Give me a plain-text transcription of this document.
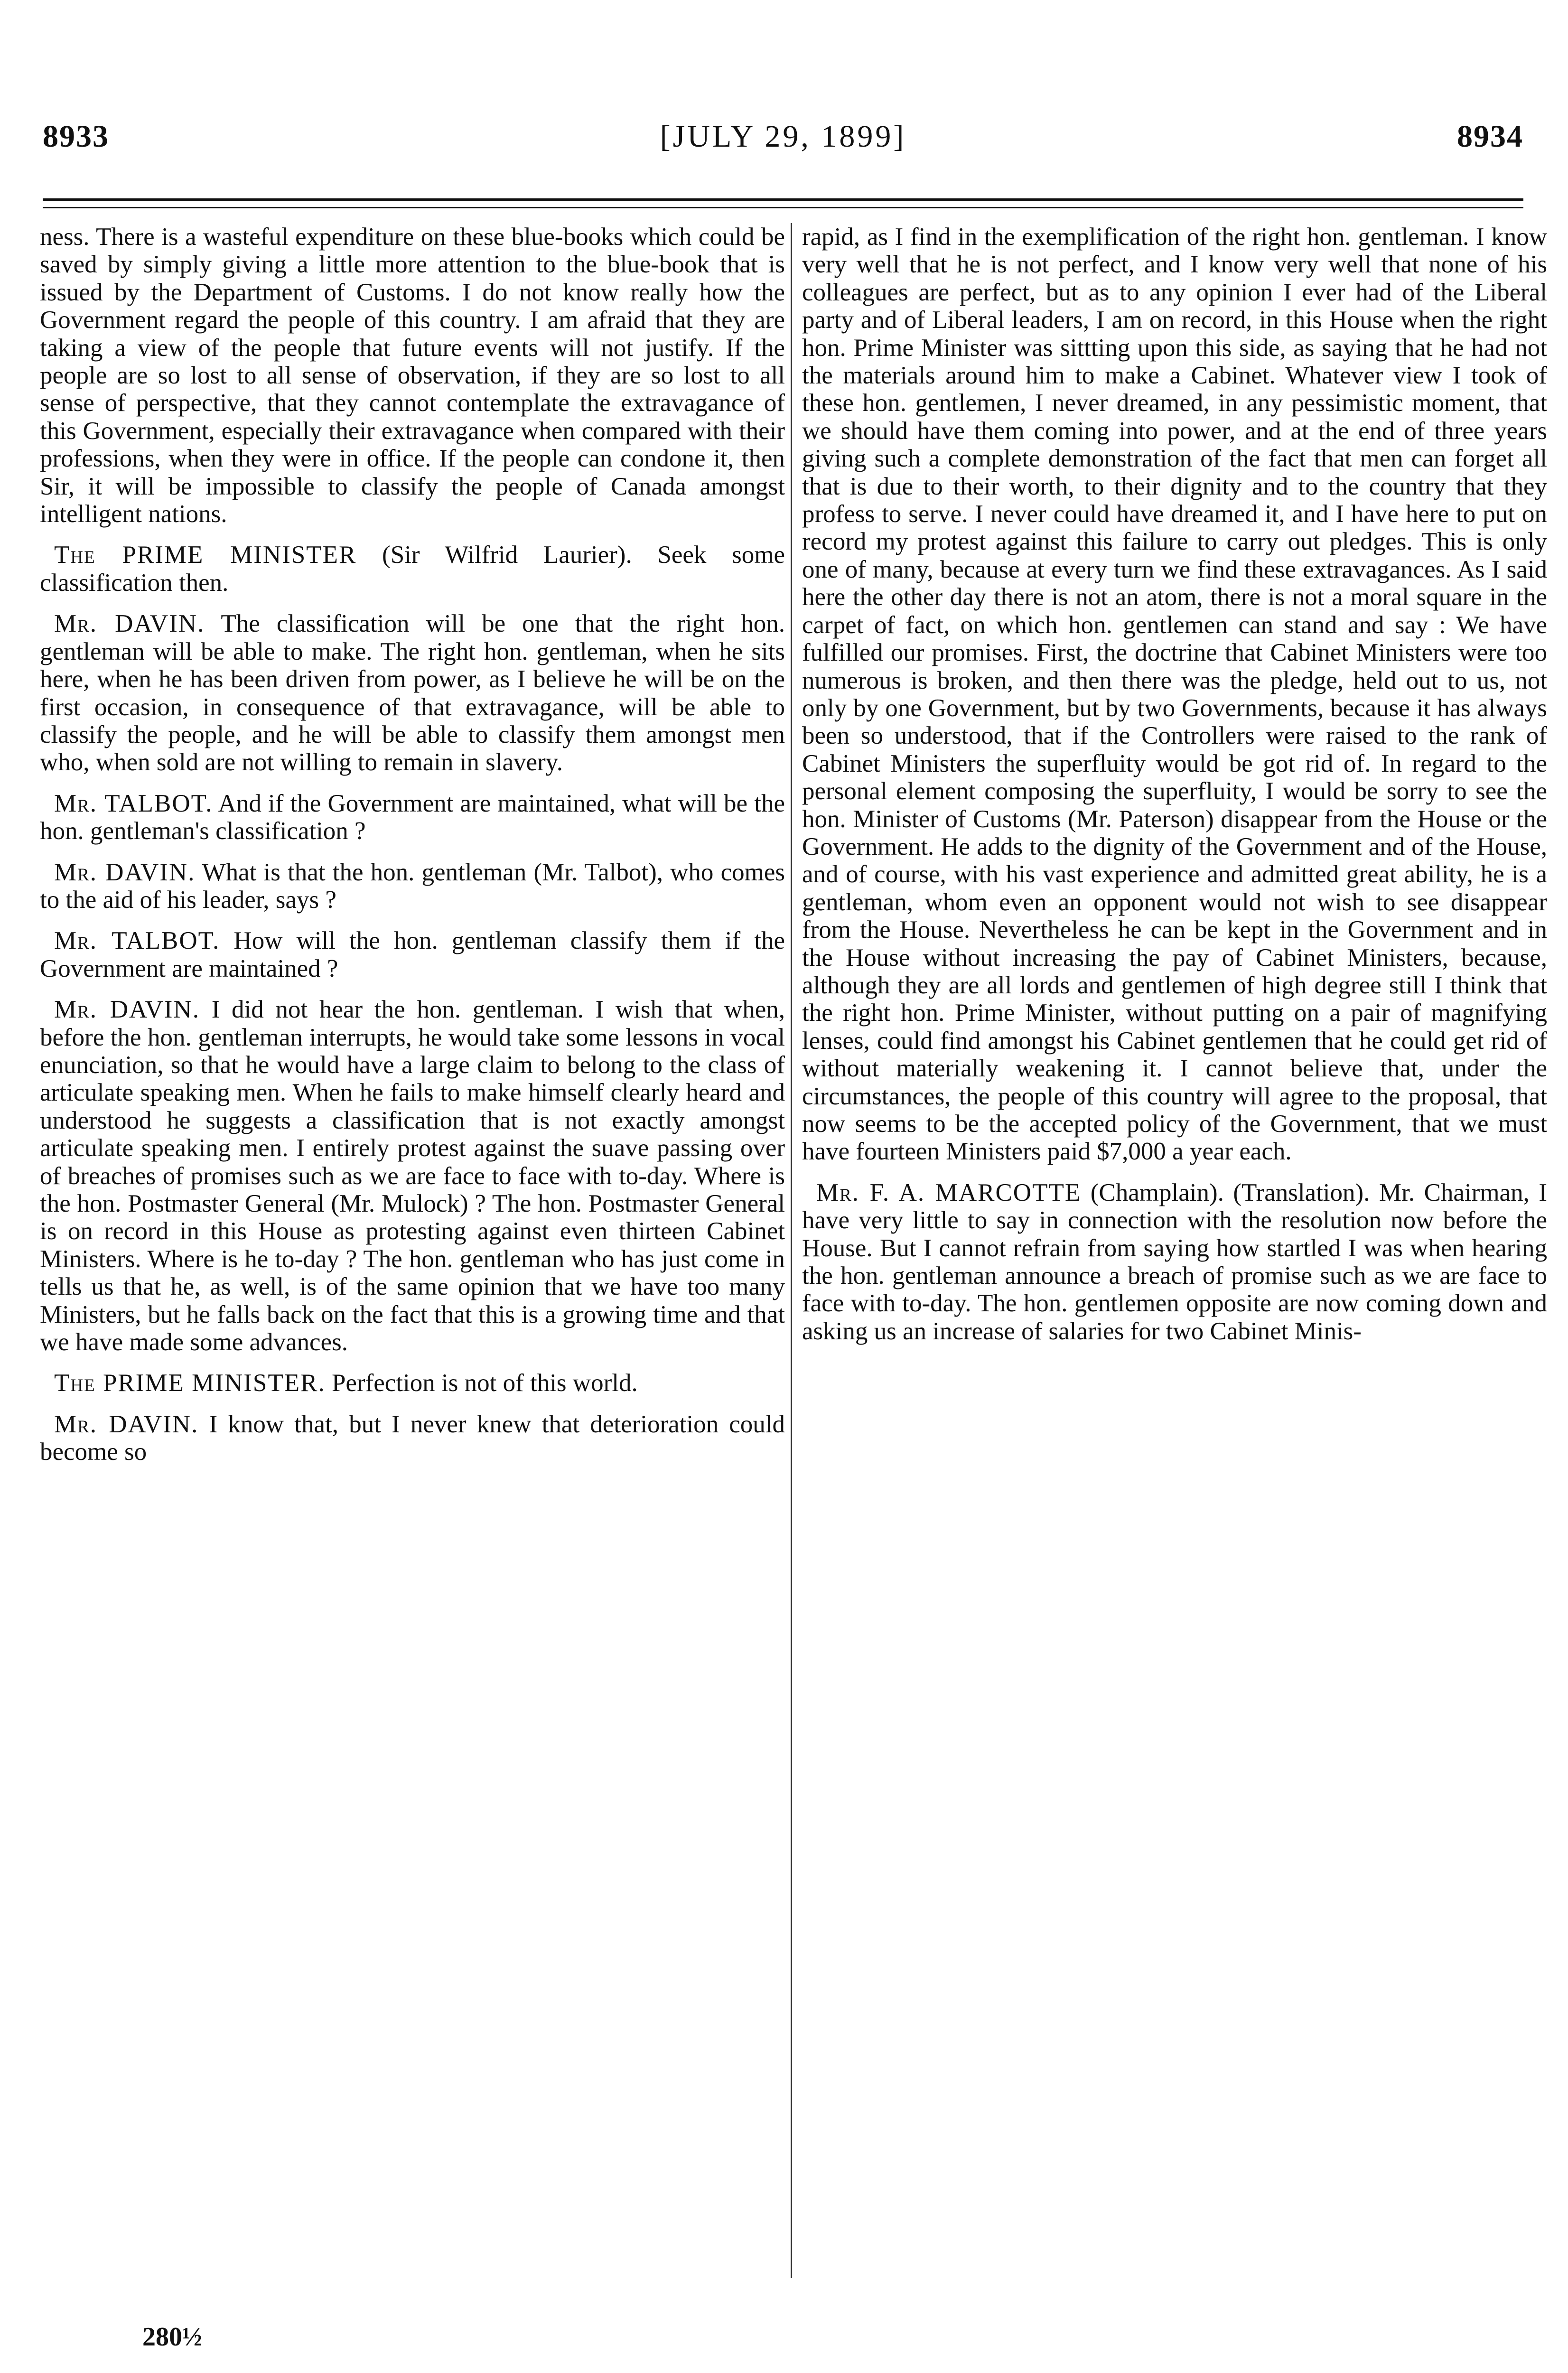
8933	[JULY 29, 1899]	8934

ness. There is a wasteful expenditure on these blue-books which could be saved by simply giving a little more attention to the blue-book that is issued by the Department of Customs. I do not know really how the Government regard the people of this country. I am afraid that they are taking a view of the people that future events will not justify. If the people are so lost to all sense of observation, if they are so lost to all sense of perspective, that they cannot contemplate the extravagance of this Government, especially their extravagance when compared with their professions, when they were in office. If the people can condone it, then Sir, it will be impossible to classify the people of Canada amongst intelligent nations.

The PRIME MINISTER (Sir Wilfrid Laurier). Seek some classification then.

Mr. DAVIN. The classification will be one that the right hon. gentleman will be able to make. The right hon. gentleman, when he sits here, when he has been driven from power, as I believe he will be on the first occasion, in consequence of that extravagance, will be able to classify the people, and he will be able to classify them amongst men who, when sold are not willing to remain in slavery.

Mr. TALBOT. And if the Government are maintained, what will be the hon. gentleman's classification ?

Mr. DAVIN. What is that the hon. gentleman (Mr. Talbot), who comes to the aid of his leader, says ?

Mr. TALBOT. How will the hon. gentleman classify them if the Government are maintained ?

Mr. DAVIN. I did not hear the hon. gentleman. I wish that when, before the hon. gentleman interrupts, he would take some lessons in vocal enunciation, so that he would have a large claim to belong to the class of articulate speaking men. When he fails to make himself clearly heard and understood he suggests a classification that is not exactly amongst articulate speaking men. I entirely protest against the suave passing over of breaches of promises such as we are face to face with to-day. Where is the hon. Postmaster General (Mr. Mulock) ? The hon. Postmaster General is on record in this House as protesting against even thirteen Cabinet Ministers. Where is he to-day ? The hon. gentleman who has just come in tells us that he, as well, is of the same opinion that we have too many Ministers, but he falls back on the fact that this is a growing time and that we have made some advances.

The PRIME MINISTER. Perfection is not of this world.

Mr. DAVIN. I know that, but I never knew that deterioration could become so

rapid, as I find in the exemplification of the right hon. gentleman. I know very well that he is not perfect, and I know very well that none of his colleagues are perfect, but as to any opinion I ever had of the Liberal party and of Liberal leaders, I am on record, in this House when the right hon. Prime Minister was sittting upon this side, as saying that he had not the materials around him to make a Cabinet. Whatever view I took of these hon. gentlemen, I never dreamed, in any pessimistic moment, that we should have them coming into power, and at the end of three years giving such a complete demonstration of the fact that men can forget all that is due to their worth, to their dignity and to the country that they profess to serve. I never could have dreamed it, and I have here to put on record my protest against this failure to carry out pledges. This is only one of many, because at every turn we find these extravagances. As I said here the other day there is not an atom, there is not a moral square in the carpet of fact, on which hon. gentlemen can stand and say : We have fulfilled our promises. First, the doctrine that Cabinet Ministers were too numerous is broken, and then there was the pledge, held out to us, not only by one Government, but by two Governments, because it has always been so understood, that if the Controllers were raised to the rank of Cabinet Ministers the superfluity would be got rid of. In regard to the personal element composing the superfluity, I would be sorry to see the hon. Minister of Customs (Mr. Paterson) disappear from the House or the Government. He adds to the dignity of the Government and of the House, and of course, with his vast experience and admitted great ability, he is a gentleman, whom even an opponent would not wish to see disappear from the House. Nevertheless he can be kept in the Government and in the House without increasing the pay of Cabinet Ministers, because, although they are all lords and gentlemen of high degree still I think that the right hon. Prime Minister, without putting on a pair of magnifying lenses, could find amongst his Cabinet gentlemen that he could get rid of without materially weakening it. I cannot believe that, under the circumstances, the people of this country will agree to the proposal, that now seems to be the accepted policy of the Government, that we must have fourteen Ministers paid $7,000 a year each.

Mr. F. A. MARCOTTE (Champlain). (Translation). Mr. Chairman, I have very little to say in connection with the resolution now before the House. But I cannot refrain from saying how startled I was when hearing the hon. gentleman announce a breach of promise such as we are face to face with to-day. The hon. gentlemen opposite are now coming down and asking us an increase of salaries for two Cabinet Minis-

280½
